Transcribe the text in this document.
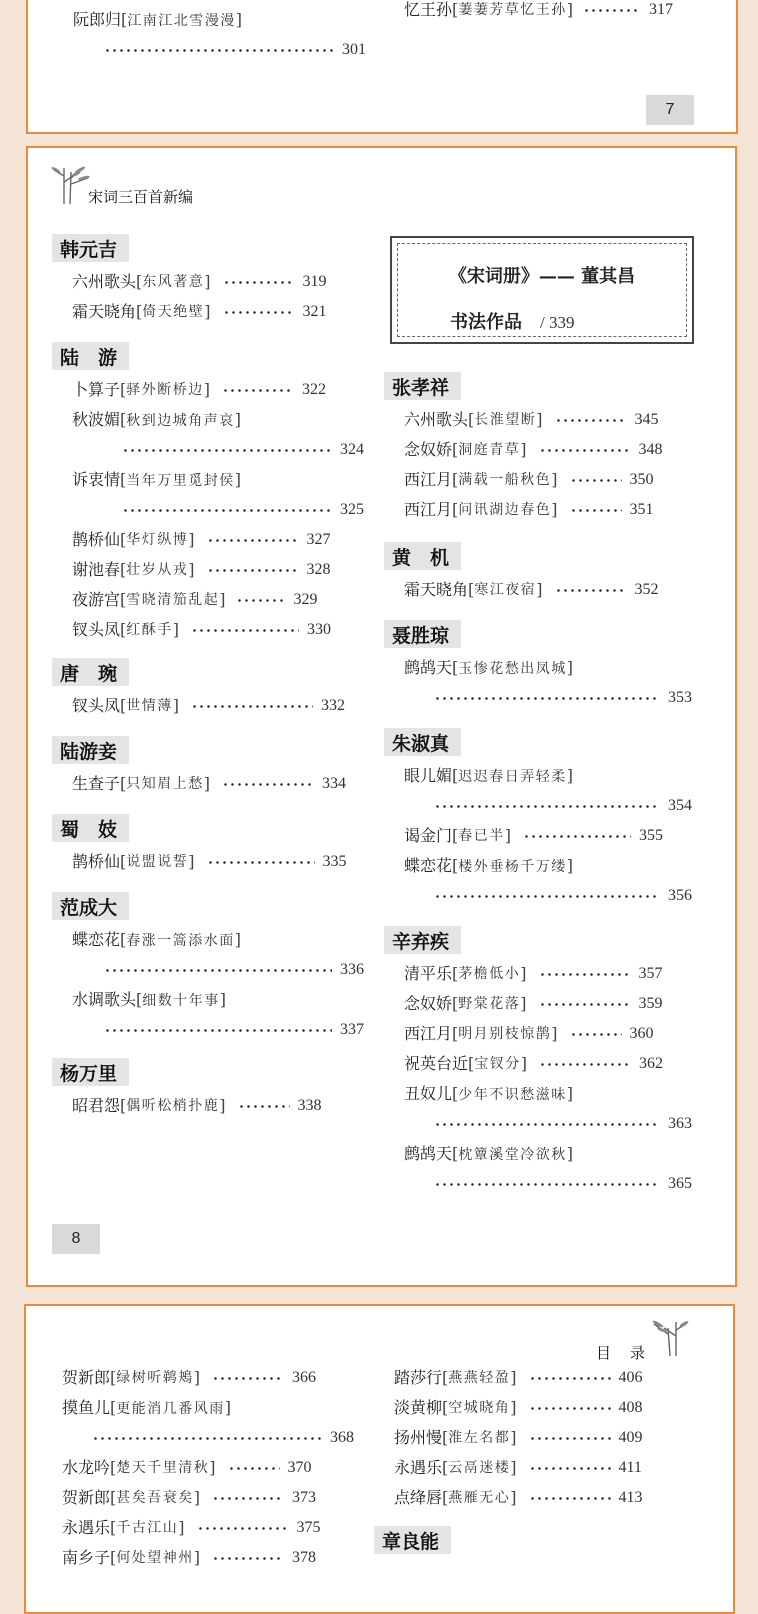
阮郎归[江南江北雪漫漫]
301
忆王孙 [ 萋萋芳草忆王孙 ]	317
7
宋词三百首新编
韩元吉
六州歌头 [ 东风著意 ]	319
霜天晓角 [ 倚天绝壁 ]	321
陆　游
卜算子 [ 驿外断桥边 ]	322
秋波媚[秋到边城角声哀]
324
诉衷情[当年万里觅封侯]
325
鹊桥仙 [ 华灯纵博 ]	327
谢池春 [ 壮岁从戎 ]	328
夜游宫 [ 雪晓清笳乱起 ]	329
钗头凤 [ 红酥手 ]	330
唐　琬
钗头凤 [ 世情薄 ]	332
陆游妾
生查子 [ 只知眉上愁 ]	334
蜀　妓
鹊桥仙 [ 说盟说誓 ]	335
范成大
蝶恋花[春涨一篙添水面]
336
水调歌头[细数十年事]
337
杨万里
昭君怨 [ 偶听松梢扑鹿 ]	338
《宋词册》—— 董其昌
书法作品 / 339
张孝祥
六州歌头 [ 长淮望断 ]	345
念奴娇 [ 洞庭青草 ]	348
西江月 [ 满载一船秋色 ]	350
西江月 [ 问讯湖边春色 ]	351
黄　机
霜天晓角 [ 寒江夜宿 ]	352
聂胜琼
鹧鸪天[玉惨花愁出凤城]
353
朱淑真
眼儿媚[迟迟春日弄轻柔]
354
谒金门 [ 春已半 ]	355
蝶恋花[楼外垂杨千万缕]
356
辛弃疾
清平乐 [ 茅檐低小 ]	357
念奴娇 [ 野棠花落 ]	359
西江月 [ 明月别枝惊鹊 ]	360
祝英台近 [ 宝钗分 ]	362
丑奴儿[少年不识愁滋味]
363
鹧鸪天[枕簟溪堂冷欲秋]
365
8
目　录
贺新郎 [ 绿树听鹈鴂 ]	366
摸鱼儿[更能消几番风雨]
368
水龙吟 [ 楚天千里清秋 ]	370
贺新郎 [ 甚矣吾衰矣 ]	373
永遇乐 [ 千古江山 ]	375
南乡子 [ 何处望神州 ]	378
踏莎行 [ 燕燕轻盈 ]	406
淡黄柳 [ 空城晓角 ]	408
扬州慢 [ 淮左名都 ]	409
永遇乐 [ 云鬲迷楼 ]	411
点绛唇 [ 燕雁无心 ]	413
章良能
